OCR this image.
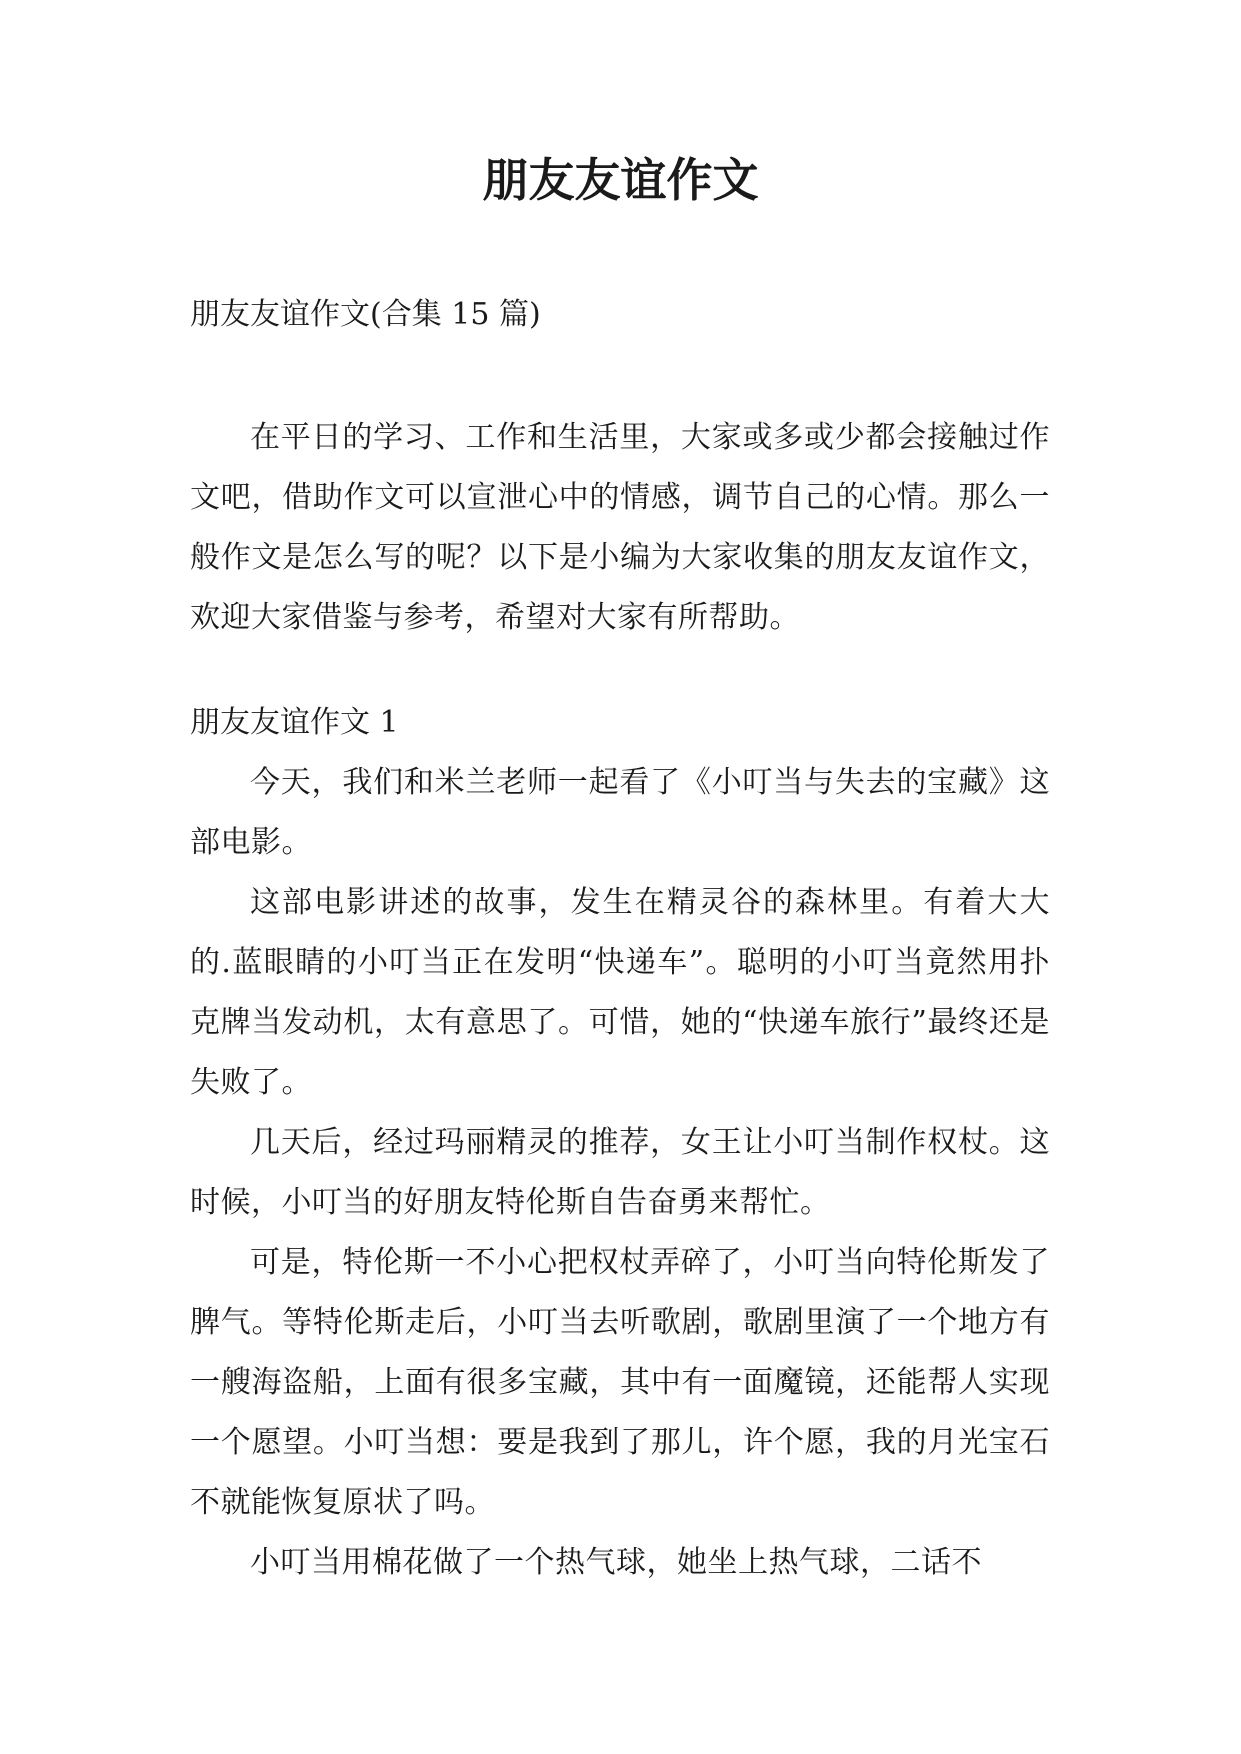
朋友友谊作文
朋友友谊作文(合集 15 篇)
在平日的学习、工作和生活里，大家或多或少都会接触过作文吧，借助作文可以宣泄心中的情感，调节自己的心情。那么一般作文是怎么写的呢？以下是小编为大家收集的朋友友谊作文，欢迎大家借鉴与参考，希望对大家有所帮助。
朋友友谊作文 1

今天，我们和米兰老师一起看了《小叮当与失去的宝藏》这部电影。

这部电影讲述的故事，发生在精灵谷的森林里。有着大大的.蓝眼睛的小叮当正在发明“快递车”。聪明的小叮当竟然用扑克牌当发动机，太有意思了。可惜，她的“快递车旅行”最终还是失败了。

几天后，经过玛丽精灵的推荐，女王让小叮当制作权杖。这时候，小叮当的好朋友特伦斯自告奋勇来帮忙。

可是，特伦斯一不小心把权杖弄碎了，小叮当向特伦斯发了脾气。等特伦斯走后，小叮当去听歌剧，歌剧里演了一个地方有一艘海盗船，上面有很多宝藏，其中有一面魔镜，还能帮人实现一个愿望。小叮当想：要是我到了那儿，许个愿，我的月光宝石不就能恢复原状了吗。

小叮当用棉花做了一个热气球，她坐上热气球，二话不
